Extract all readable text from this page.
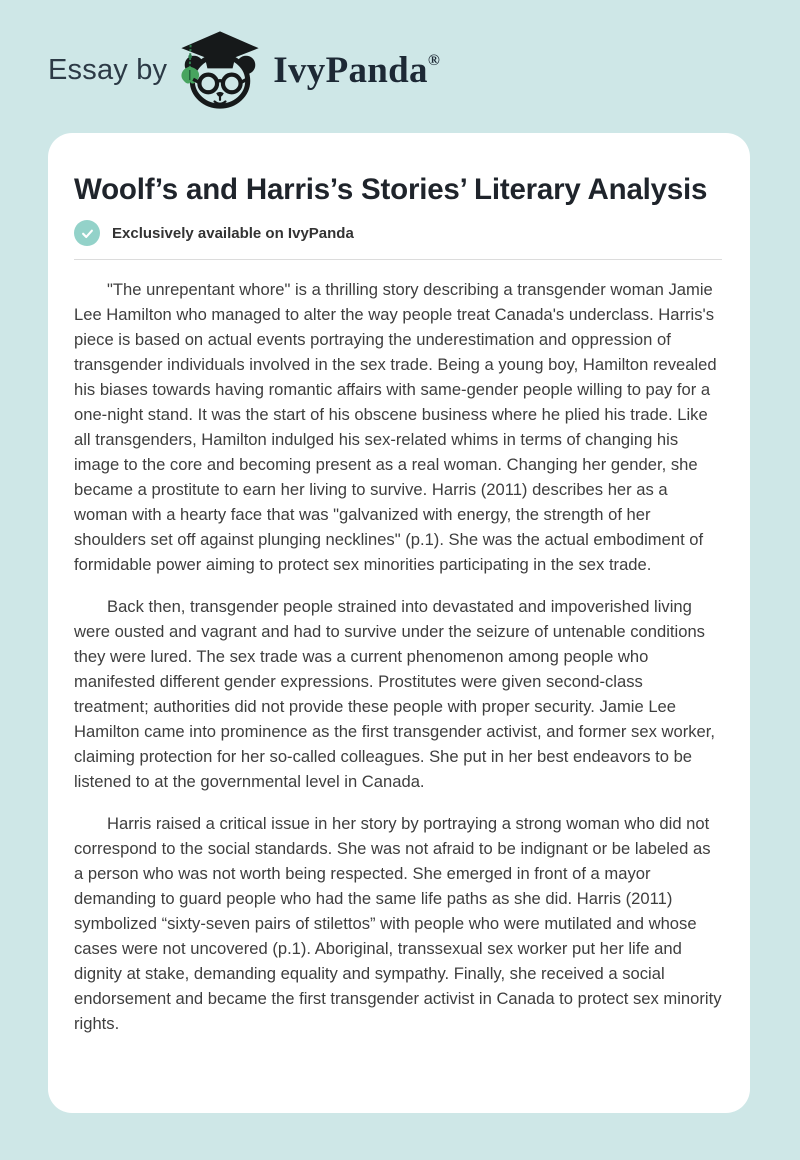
Essay by	IvyPanda®
Woolf’s and Harris’s Stories’ Literary Analysis
Exclusively available on IvyPanda

"The unrepentant whore" is a thrilling story describing a transgender woman Jamie Lee Hamilton who managed to alter the way people treat Canada's underclass. Harris's piece is based on actual events portraying the underestimation and oppression of transgender individuals involved in the sex trade. Being a young boy, Hamilton revealed his biases towards having romantic affairs with same-gender people willing to pay for a one-night stand. It was the start of his obscene business where he plied his trade. Like all transgenders, Hamilton indulged his sex-related whims in terms of changing his image to the core and becoming present as a real woman. Changing her gender, she became a prostitute to earn her living to survive. Harris (2011) describes her as a woman with a hearty face that was "galvanized with energy, the strength of her shoulders set off against plunging necklines" (p.1). She was the actual embodiment of formidable power aiming to protect sex minorities participating in the sex trade.

Back then, transgender people strained into devastated and impoverished living were ousted and vagrant and had to survive under the seizure of untenable conditions they were lured. The sex trade was a current phenomenon among people who manifested different gender expressions. Prostitutes were given second-class treatment; authorities did not provide these people with proper security. Jamie Lee Hamilton came into prominence as the first transgender activist, and former sex worker, claiming protection for her so-called colleagues. She put in her best endeavors to be listened to at the governmental level in Canada.

Harris raised a critical issue in her story by portraying a strong woman who did not correspond to the social standards. She was not afraid to be indignant or be labeled as a person who was not worth being respected. She emerged in front of a mayor demanding to guard people who had the same life paths as she did. Harris (2011) symbolized “sixty-seven pairs of stilettos” with people who were mutilated and whose cases were not uncovered (p.1). Aboriginal, transsexual sex worker put her life and dignity at stake, demanding equality and sympathy. Finally, she received a social endorsement and became the first transgender activist in Canada to protect sex minority rights.
